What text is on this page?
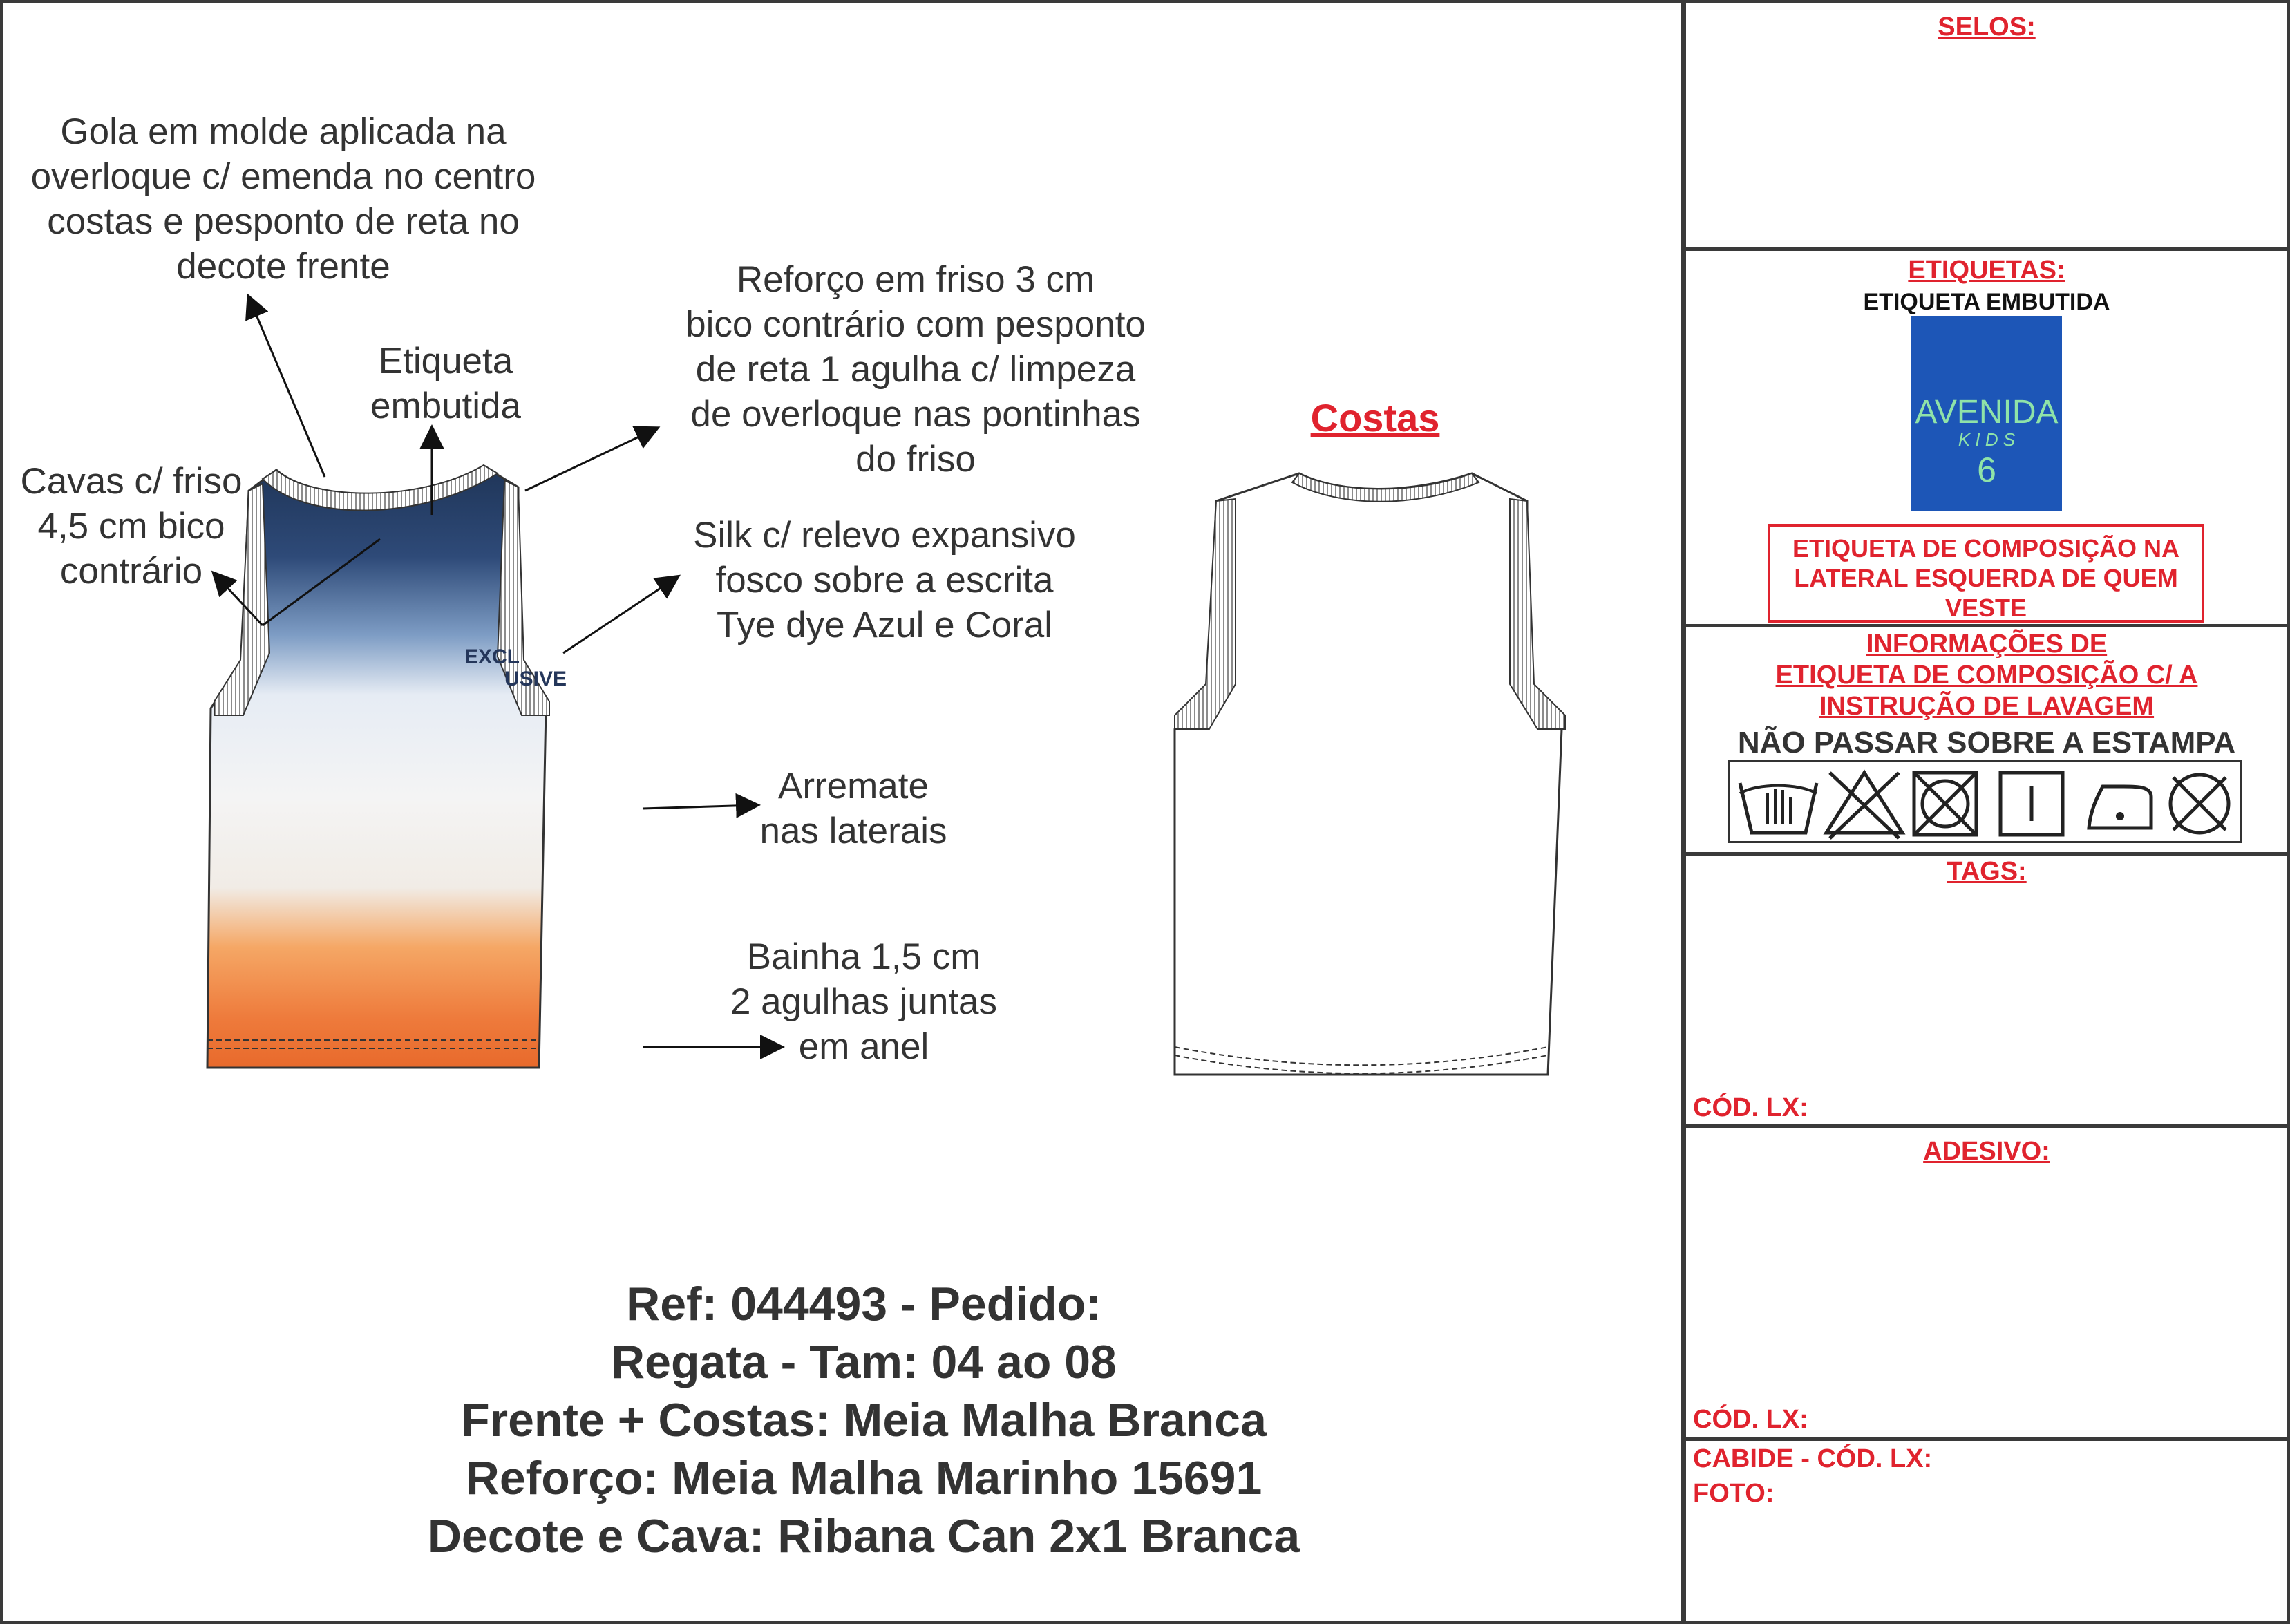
EXCL
USIVE
Gola em molde aplicada na
overloque c/ emenda no centro
costas e pesponto de reta no
decote frente
Etiqueta
embutida
Reforço em friso 3 cm
bico contrário com pesponto
de reta 1 agulha c/ limpeza
de overloque nas pontinhas
do friso
Cavas c/ friso
4,5 cm bico
contrário
Silk c/ relevo expansivo
fosco sobre a escrita
Tye dye Azul e Coral
Arremate
nas laterais
Bainha 1,5 cm
2 agulhas juntas
em anel
Costas
Ref: 044493 - Pedido:
Regata - Tam: 04 ao 08
Frente + Costas: Meia Malha Branca
Reforço: Meia Malha Marinho 15691
Decote e Cava: Ribana Can 2x1 Branca
SELOS:
ETIQUETAS:
ETIQUETA EMBUTIDA
AVENIDA
K I D S
6
ETIQUETA DE COMPOSIÇÃO NA
LATERAL ESQUERDA DE QUEM
VESTE
INFORMAÇÕES DE
ETIQUETA DE COMPOSIÇÃO C/ A
INSTRUÇÃO DE LAVAGEM
NÃO PASSAR SOBRE A ESTAMPA
TAGS:
CÓD. LX:
ADESIVO:
CÓD. LX:
CABIDE - CÓD. LX:
FOTO:
